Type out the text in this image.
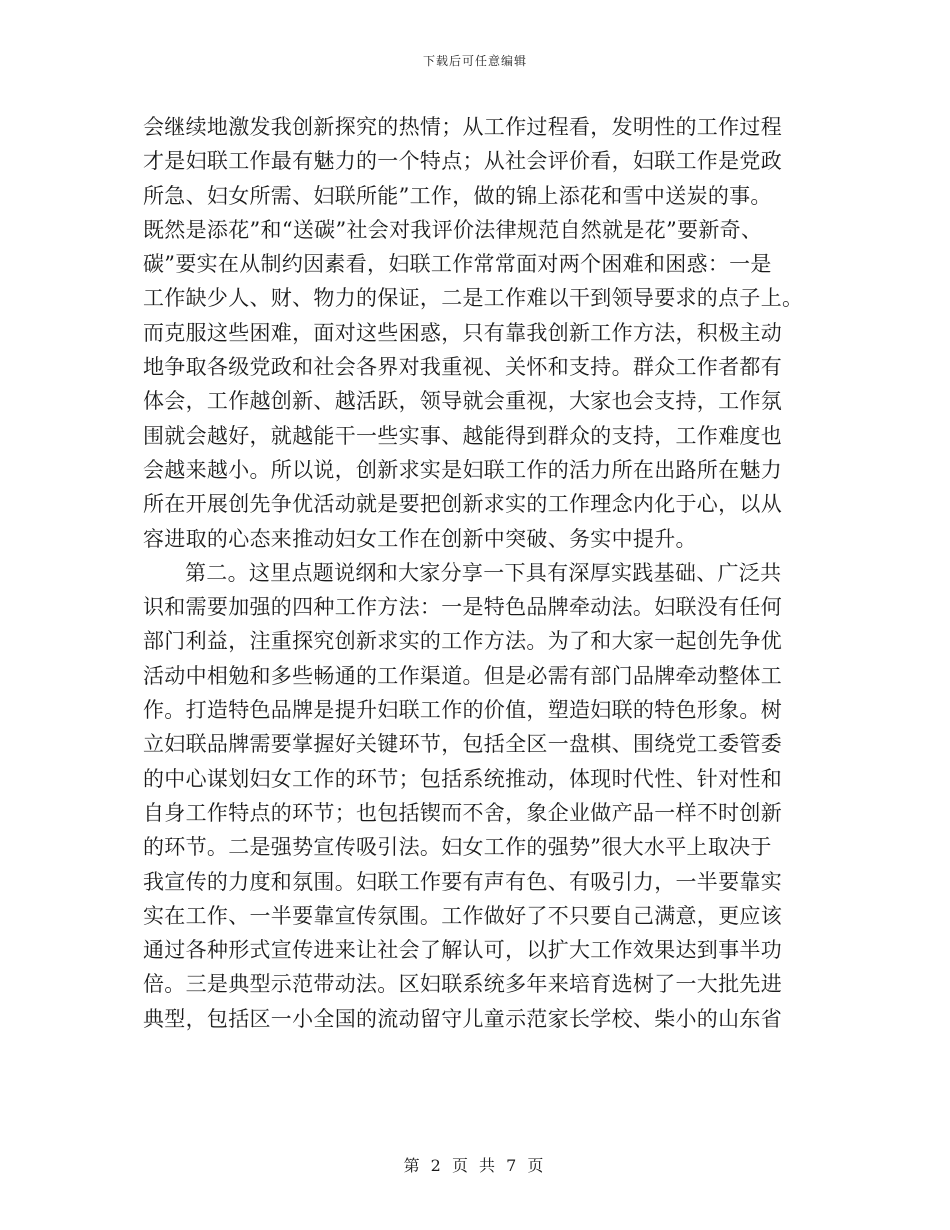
下载后可任意编辑
会继续地激发我创新探究的热情；从工作过程看，发明性的工作过程
才是妇联工作最有魅力的一个特点；从社会评价看，妇联工作是党政
所急、妇女所需、妇联所能”工作，做的锦上添花和雪中送炭的事。
既然是添花”和“送碳”社会对我评价法律规范自然就是花”要新奇、
碳”要实在从制约因素看，妇联工作常常面对两个困难和困惑：一是
工作缺少人、财、物力的保证，二是工作难以干到领导要求的点子上。
而克服这些困难，面对这些困惑，只有靠我创新工作方法，积极主动
地争取各级党政和社会各界对我重视、关怀和支持。群众工作者都有
体会，工作越创新、越活跃，领导就会重视，大家也会支持，工作氛
围就会越好，就越能干一些实事、越能得到群众的支持，工作难度也
会越来越小。所以说，创新求实是妇联工作的活力所在出路所在魅力
所在开展创先争优活动就是要把创新求实的工作理念内化于心，以从
容进取的心态来推动妇女工作在创新中突破、务实中提升。
第二。这里点题说纲和大家分享一下具有深厚实践基础、广泛共
识和需要加强的四种工作方法：一是特色品牌牵动法。妇联没有任何
部门利益，注重探究创新求实的工作方法。为了和大家一起创先争优
活动中相勉和多些畅通的工作渠道。但是必需有部门品牌牵动整体工
作。打造特色品牌是提升妇联工作的价值，塑造妇联的特色形象。树
立妇联品牌需要掌握好关键环节，包括全区一盘棋、围绕党工委管委
的中心谋划妇女工作的环节；包括系统推动，体现时代性、针对性和
自身工作特点的环节；也包括锲而不舍，象企业做产品一样不时创新
的环节。二是强势宣传吸引法。妇女工作的强势”很大水平上取决于
我宣传的力度和氛围。妇联工作要有声有色、有吸引力，一半要靠实
实在工作、一半要靠宣传氛围。工作做好了不只要自己满意，更应该
通过各种形式宣传进来让社会了解认可，以扩大工作效果达到事半功
倍。三是典型示范带动法。区妇联系统多年来培育选树了一大批先进
典型，包括区一小全国的流动留守儿童示范家长学校、柴小的山东省
第 2 页 共 7 页
